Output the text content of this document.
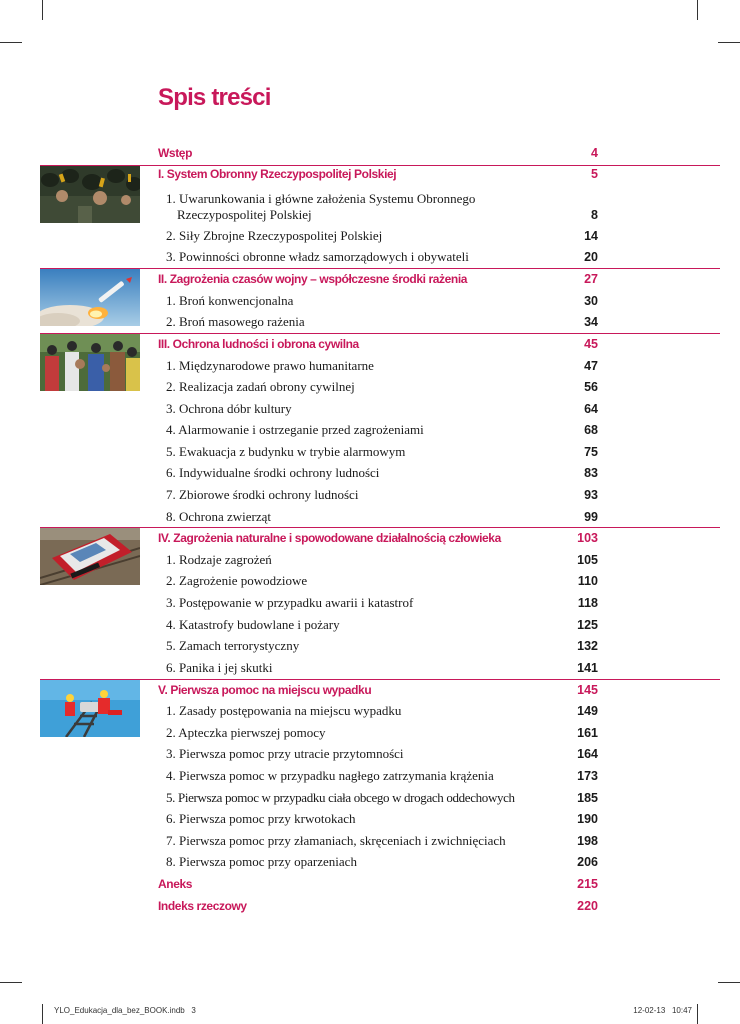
Spis treści
Wstęp	4
I. System Obronny Rzeczypospolitej Polskiej	5
1. Uwarunkowania i główne założenia Systemu Obronnego
Rzeczypospolitej Polskiej	8
2. Siły Zbrojne Rzeczypospolitej Polskiej	14
3. Powinności obronne władz samorządowych i obywateli	20
II. Zagrożenia czasów wojny – współczesne środki rażenia	27
1. Broń konwencjonalna	30
2. Broń masowego rażenia	34
III. Ochrona ludności i obrona cywilna	45
1. Międzynarodowe prawo humanitarne	47
2. Realizacja zadań obrony cywilnej	56
3. Ochrona dóbr kultury	64
4. Alarmowanie i ostrzeganie przed zagrożeniami	68
5. Ewakuacja z budynku w trybie alarmowym	75
6. Indywidualne środki ochrony ludności	83
7. Zbiorowe środki ochrony ludności	93
8. Ochrona zwierząt	99
IV. Zagrożenia naturalne i spowodowane działalnością człowieka	103
1. Rodzaje zagrożeń	105
2. Zagrożenie powodziowe	110
3. Postępowanie w przypadku awarii i katastrof	118
4. Katastrofy budowlane i pożary	125
5. Zamach terrorystyczny	132
6. Panika i jej skutki	141
V. Pierwsza pomoc na miejscu wypadku	145
1. Zasady postępowania na miejscu wypadku	149
2. Apteczka pierwszej pomocy	161
3. Pierwsza pomoc przy utracie przytomności	164
4. Pierwsza pomoc w przypadku nagłego zatrzymania krążenia	173
5. Pierwsza pomoc w przypadku ciała obcego w drogach oddechowych	185
6. Pierwsza pomoc przy krwotokach	190
7. Pierwsza pomoc przy złamaniach, skręceniach i zwichnięciach	198
8. Pierwsza pomoc przy oparzeniach	206
Aneks	215
Indeks rzeczowy	220
YLO_Edukacja_dla_bez_BOOK.indb   3	12-02-13   10:47
